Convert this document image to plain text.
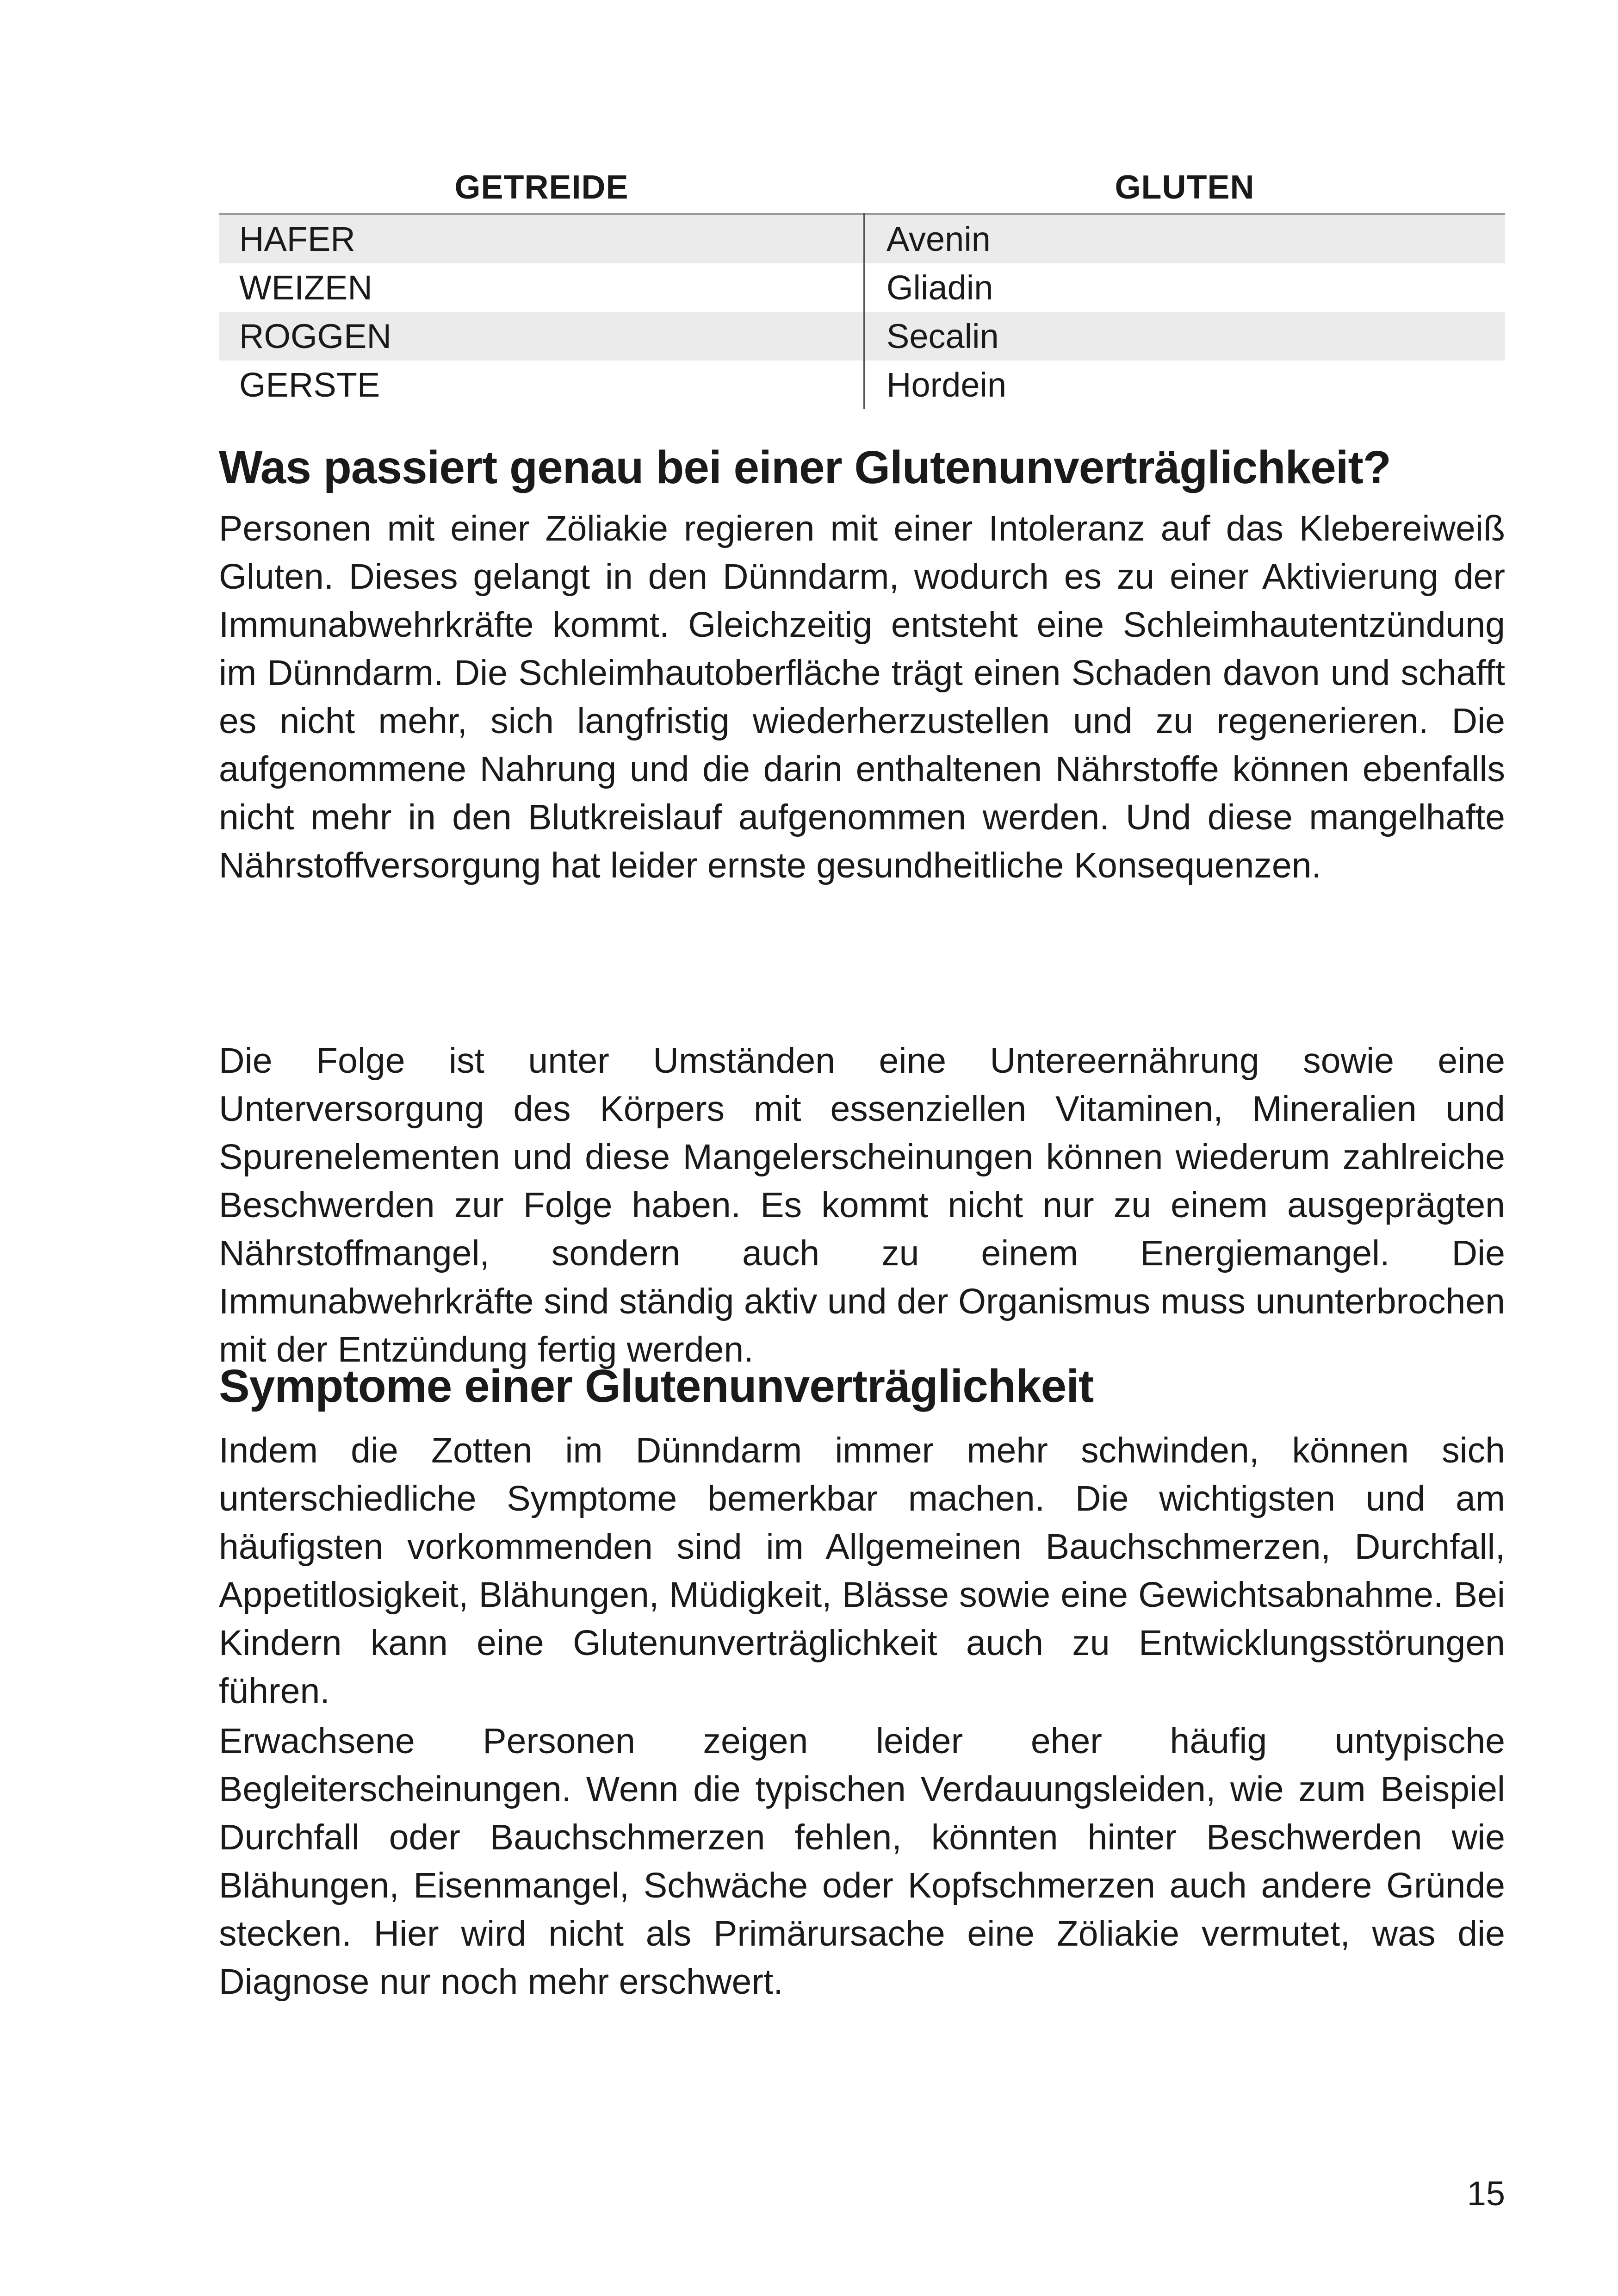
GETREIDE	GLUTEN
HAFER	Avenin
WEIZEN	Gliadin
ROGGEN	Secalin
GERSTE	Hordein
Was passiert genau bei einer Glutenunverträglichkeit?

Personen mit einer Zöliakie regieren mit einer Intoleranz auf das Klebereiweiß Gluten. Dieses gelangt in den Dünndarm, wodurch es zu einer Aktivierung der Immunabwehrkräfte kommt. Gleichzeitig entsteht eine Schleimhautentzündung im Dünndarm. Die Schleimhautoberfläche trägt einen Schaden davon und schafft es nicht mehr, sich langfristig wiederherzustellen und zu regenerieren. Die aufgenommene Nahrung und die darin enthaltenen Nährstoffe können ebenfalls nicht mehr in den Blutkreislauf aufgenommen werden. Und diese mangelhafte Nährstoffversorgung hat leider ernste gesundheitliche Konsequenzen.

Die Folge ist unter Umständen eine Untereernährung sowie eine Unterversorgung des Körpers mit essenziellen Vitaminen, Mineralien und Spurenelementen und diese Mangelerscheinungen können wiederum zahlreiche Beschwerden zur Folge haben. Es kommt nicht nur zu einem ausgeprägten Nährstoffmangel, sondern auch zu einem Energiemangel. Die Immunabwehrkräfte sind ständig aktiv und der Organismus muss ununterbrochen mit der Entzündung fertig werden.

Symptome einer Glutenunverträglichkeit

Indem die Zotten im Dünndarm immer mehr schwinden, können sich unterschiedliche Symptome bemerkbar machen. Die wichtigsten und am häufigsten vorkommenden sind im Allgemeinen Bauchschmerzen, Durchfall, Appetitlosigkeit, Blähungen, Müdigkeit, Blässe sowie eine Gewichtsabnahme. Bei Kindern kann eine Glutenunverträglichkeit auch zu Entwicklungsstörungen führen.

Erwachsene Personen zeigen leider eher häufig untypische Begleiterscheinungen. Wenn die typischen Verdauungsleiden, wie zum Beispiel Durchfall oder Bauchschmerzen fehlen, könnten hinter Beschwerden wie Blähungen, Eisenmangel, Schwäche oder Kopfschmerzen auch andere Gründe stecken. Hier wird nicht als Primärursache eine Zöliakie vermutet, was die Diagnose nur noch mehr erschwert.

15
